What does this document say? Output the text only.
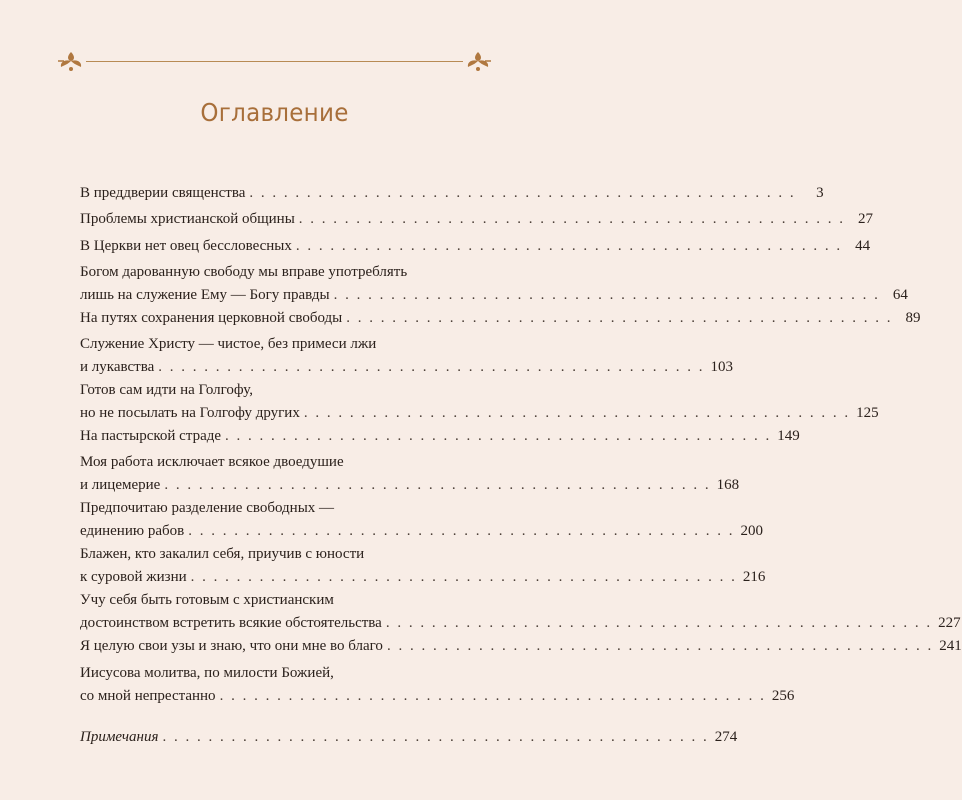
Оглавление
В преддверии священства . . . . . . . . . . . . . . . . . . . . . . . . . . . . . . . . . . . . . . . . . . . . . . . .	3
Проблемы христианской общины . . . . . . . . . . . . . . . . . . . . . . . . . . . . . . . . . . . . . . . . . . . . . . . . 27
В Церкви нет овец бессловесных . . . . . . . . . . . . . . . . . . . . . . . . . . . . . . . . . . . . . . . . . . . . . . . . 44
Богом дарованную свободу мы вправе употреблять
лишь на служение Ему — Богу правды . . . . . . . . . . . . . . . . . . . . . . . . . . . . . . . . . . . . . . . . . . . . . . . . 64
На путях сохранения церковной свободы . . . . . . . . . . . . . . . . . . . . . . . . . . . . . . . . . . . . . . . . . . . . . . . . 89
Служение Христу — чистое, без примеси лжи
и лукавства . . . . . . . . . . . . . . . . . . . . . . . . . . . . . . . . . . . . . . . . . . . . . . . . 103
Готов сам идти на Голгофу,
но не посылать на Голгофу других . . . . . . . . . . . . . . . . . . . . . . . . . . . . . . . . . . . . . . . . . . . . . . . . 125
На пастырской страде . . . . . . . . . . . . . . . . . . . . . . . . . . . . . . . . . . . . . . . . . . . . . . . . 149
Моя работа исключает всякое двоедушие
и лицемерие . . . . . . . . . . . . . . . . . . . . . . . . . . . . . . . . . . . . . . . . . . . . . . . . 168
Предпочитаю разделение свободных —
единению рабов . . . . . . . . . . . . . . . . . . . . . . . . . . . . . . . . . . . . . . . . . . . . . . . . 200
Блажен, кто закалил себя, приучив с юности
к суровой жизни . . . . . . . . . . . . . . . . . . . . . . . . . . . . . . . . . . . . . . . . . . . . . . . . 216
Учу себя быть готовым с христианским
достоинством встретить всякие обстоятельства . . . . . . . . . . . . . . . . . . . . . . . . . . . . . . . . . . . . . . . . . . . . . . . . 227
Я целую свои узы и знаю, что они мне во благо . . . . . . . . . . . . . . . . . . . . . . . . . . . . . . . . . . . . . . . . . . . . . . . . 241
Иисусова молитва, по милости Божией,
со мной непрестанно . . . . . . . . . . . . . . . . . . . . . . . . . . . . . . . . . . . . . . . . . . . . . . . . 256
Примечания . . . . . . . . . . . . . . . . . . . . . . . . . . . . . . . . . . . . . . . . . . . . . . . . 274
